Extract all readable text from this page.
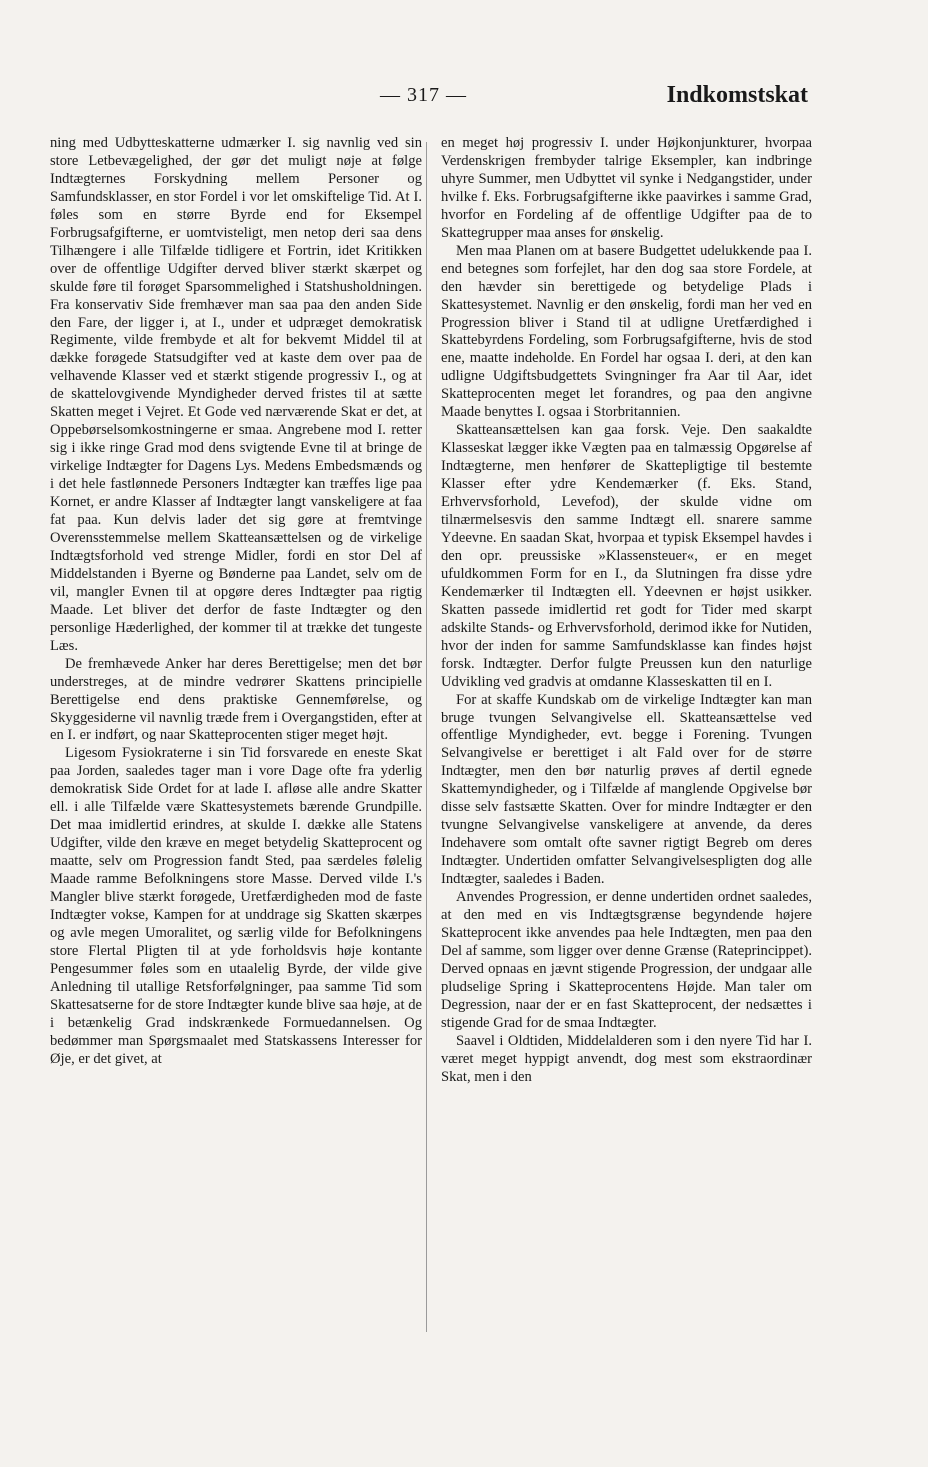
— 317 —	Indkomstskat

ning med Udbytteskatterne udmærker I. sig navnlig ved sin store Letbevægelighed, der gør det muligt nøje at følge Indtægternes Forskydning mellem Personer og Samfundsklasser, en stor Fordel i vor let omskiftelige Tid. At I. føles som en større Byrde end for Eksempel Forbrugsafgifterne, er uomtvisteligt, men netop deri saa dens Tilhængere i alle Tilfælde tidligere et Fortrin, idet Kritikken over de offentlige Udgifter derved bliver stærkt skærpet og skulde føre til forøget Sparsommelighed i Statshusholdningen. Fra konservativ Side fremhæver man saa paa den anden Side den Fare, der ligger i, at I., under et udpræget demokratisk Regimente, vilde frembyde et alt for bekvemt Middel til at dække forøgede Statsudgifter ved at kaste dem over paa de velhavende Klasser ved et stærkt stigende progressiv I., og at de skattelovgivende Myndigheder derved fristes til at sætte Skatten meget i Vejret. Et Gode ved nærværende Skat er det, at Oppebørselsomkostningerne er smaa. Angrebene mod I. retter sig i ikke ringe Grad mod dens svigtende Evne til at bringe de virkelige Indtægter for Dagens Lys. Medens Embedsmænds og i det hele fastlønnede Personers Indtægter kan træffes lige paa Kornet, er andre Klasser af Indtægter langt vanskeligere at faa fat paa. Kun delvis lader det sig gøre at fremtvinge Overensstemmelse mellem Skatteansættelsen og de virkelige Indtægtsforhold ved strenge Midler, fordi en stor Del af Middelstanden i Byerne og Bønderne paa Landet, selv om de vil, mangler Evnen til at opgøre deres Indtægter paa rigtig Maade. Let bliver det derfor de faste Indtægter og den personlige Hæderlighed, der kommer til at trække det tungeste Læs.

De fremhævede Anker har deres Berettigelse; men det bør understreges, at de mindre vedrører Skattens principielle Berettigelse end dens praktiske Gennemførelse, og Skyggesiderne vil navnlig træde frem i Overgangstiden, efter at en I. er indført, og naar Skatteprocenten stiger meget højt.

Ligesom Fysiokraterne i sin Tid forsvarede en eneste Skat paa Jorden, saaledes tager man i vore Dage ofte fra yderlig demokratisk Side Ordet for at lade I. afløse alle andre Skatter ell. i alle Tilfælde være Skattesystemets bærende Grundpille. Det maa imidlertid erindres, at skulde I. dække alle Statens Udgifter, vilde den kræve en meget betydelig Skatteprocent og maatte, selv om Progression fandt Sted, paa særdeles følelig Maade ramme Befolkningens store Masse. Derved vilde I.'s Mangler blive stærkt forøgede, Uretfærdigheden mod de faste Indtægter vokse, Kampen for at unddrage sig Skatten skærpes og avle megen Umoralitet, og særlig vilde for Befolkningens store Flertal Pligten til at yde forholdsvis høje kontante Pengesummer føles som en utaalelig Byrde, der vilde give Anledning til utallige Retsforfølgninger, paa samme Tid som Skattesatserne for de store Indtægter kunde blive saa høje, at de i betænkelig Grad indskrænkede Formuedannelsen. Og bedømmer man Spørgsmaalet med Statskassens Interesser for Øje, er det givet, at

en meget høj progressiv I. under Højkonjunkturer, hvorpaa Verdenskrigen frembyder talrige Eksempler, kan indbringe uhyre Summer, men Udbyttet vil synke i Nedgangstider, under hvilke f. Eks. Forbrugsafgifterne ikke paavirkes i samme Grad, hvorfor en Fordeling af de offentlige Udgifter paa de to Skattegrupper maa anses for ønskelig.

Men maa Planen om at basere Budgettet udelukkende paa I. end betegnes som forfejlet, har den dog saa store Fordele, at den hævder sin berettigede og betydelige Plads i Skattesystemet. Navnlig er den ønskelig, fordi man her ved en Progression bliver i Stand til at udligne Uretfærdighed i Skattebyrdens Fordeling, som Forbrugsafgifterne, hvis de stod ene, maatte indeholde. En Fordel har ogsaa I. deri, at den kan udligne Udgiftsbudgettets Svingninger fra Aar til Aar, idet Skatteprocenten meget let forandres, og paa den angivne Maade benyttes I. ogsaa i Storbritannien.

Skatteansættelsen kan gaa forsk. Veje. Den saakaldte Klasseskat lægger ikke Vægten paa en talmæssig Opgørelse af Indtægterne, men henfører de Skattepligtige til bestemte Klasser efter ydre Kendemærker (f. Eks. Stand, Erhvervsforhold, Levefod), der skulde vidne om tilnærmelsesvis den samme Indtægt ell. snarere samme Ydeevne. En saadan Skat, hvorpaa et typisk Eksempel havdes i den opr. preussiske »Klassensteuer«, er en meget ufuldkommen Form for en I., da Slutningen fra disse ydre Kendemærker til Indtægten ell. Ydeevnen er højst usikker. Skatten passede imidlertid ret godt for Tider med skarpt adskilte Stands- og Erhvervsforhold, derimod ikke for Nutiden, hvor der inden for samme Samfundsklasse kan findes højst forsk. Indtægter. Derfor fulgte Preussen kun den naturlige Udvikling ved gradvis at omdanne Klasseskatten til en I.

For at skaffe Kundskab om de virkelige Indtægter kan man bruge tvungen Selvangivelse ell. Skatteansættelse ved offentlige Myndigheder, evt. begge i Forening. Tvungen Selvangivelse er berettiget i alt Fald over for de større Indtægter, men den bør naturlig prøves af dertil egnede Skattemyndigheder, og i Tilfælde af manglende Opgivelse bør disse selv fastsætte Skatten. Over for mindre Indtægter er den tvungne Selvangivelse vanskeligere at anvende, da deres Indehavere som omtalt ofte savner rigtigt Begreb om deres Indtægter. Undertiden omfatter Selvangivelsespligten dog alle Indtægter, saaledes i Baden.

Anvendes Progression, er denne undertiden ordnet saaledes, at den med en vis Indtægtsgrænse begyndende højere Skatteprocent ikke anvendes paa hele Indtægten, men paa den Del af samme, som ligger over denne Grænse (Rateprincippet). Derved opnaas en jævnt stigende Progression, der undgaar alle pludselige Spring i Skatteprocentens Højde. Man taler om Degression, naar der er en fast Skatteprocent, der nedsættes i stigende Grad for de smaa Indtægter.

Saavel i Oldtiden, Middelalderen som i den nyere Tid har I. været meget hyppigt anvendt, dog mest som ekstraordinær Skat, men i den
